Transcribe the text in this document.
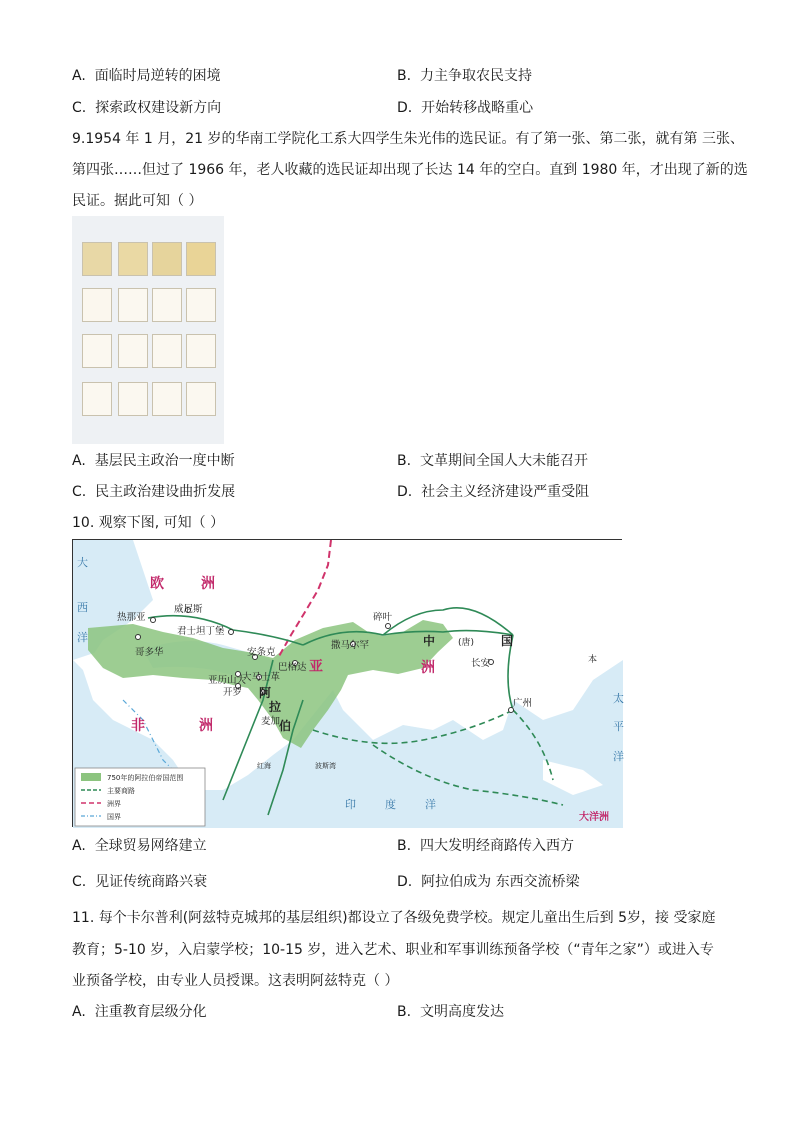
A. 面临时局逆转的困境	B. 力主争取农民支持
C. 探索政权建设新方向	D. 开始转移战略重心
9.1954 年 1 月，21 岁的华南工学院化工系大四学生朱光伟的选民证。有了第一张、第二张，就有第 三张、
第四张……但过了 1966 年，老人收藏的选民证却出现了长达 14 年的空白。直到 1980 年，才出现了新的选
民证。据此可知（ ）
A. 基层民主政治一度中断	B. 文革期间全国人大未能召开
C. 民主政治建设曲折发展	D. 社会主义经济建设严重受阻
10. 观察下图, 可知（ ）
热那亚
威尼斯
君士坦丁堡
哥多华	安条克
巴格达
亚历山大
大马士革
开罗
麦加
撒马尔罕
碎叶
长安
广州
波斯湾
红海
阿
拉
伯
中	国
(唐)
欧	洲
亚
非	洲
洲
大
西
洋
印	度	洋
太
平
洋
本
大洋洲
750年的阿拉伯帝国范围
主要商路
洲界
国界
A. 全球贸易网络建立	B. 四大发明经商路传入西方
C. 见证传统商路兴衰	D. 阿拉伯成为 东西交流桥梁
11. 每个卡尔普利(阿兹特克城邦的基层组织)都设立了各级免费学校。规定儿童出生后到 5岁，接 受家庭
教育；5-10 岁，入启蒙学校；10-15 岁，进入艺术、职业和军事训练预备学校（“青年之家”）或进入专
业预备学校，由专业人员授课。这表明阿兹特克（ ）
A. 注重教育层级分化	B. 文明高度发达
